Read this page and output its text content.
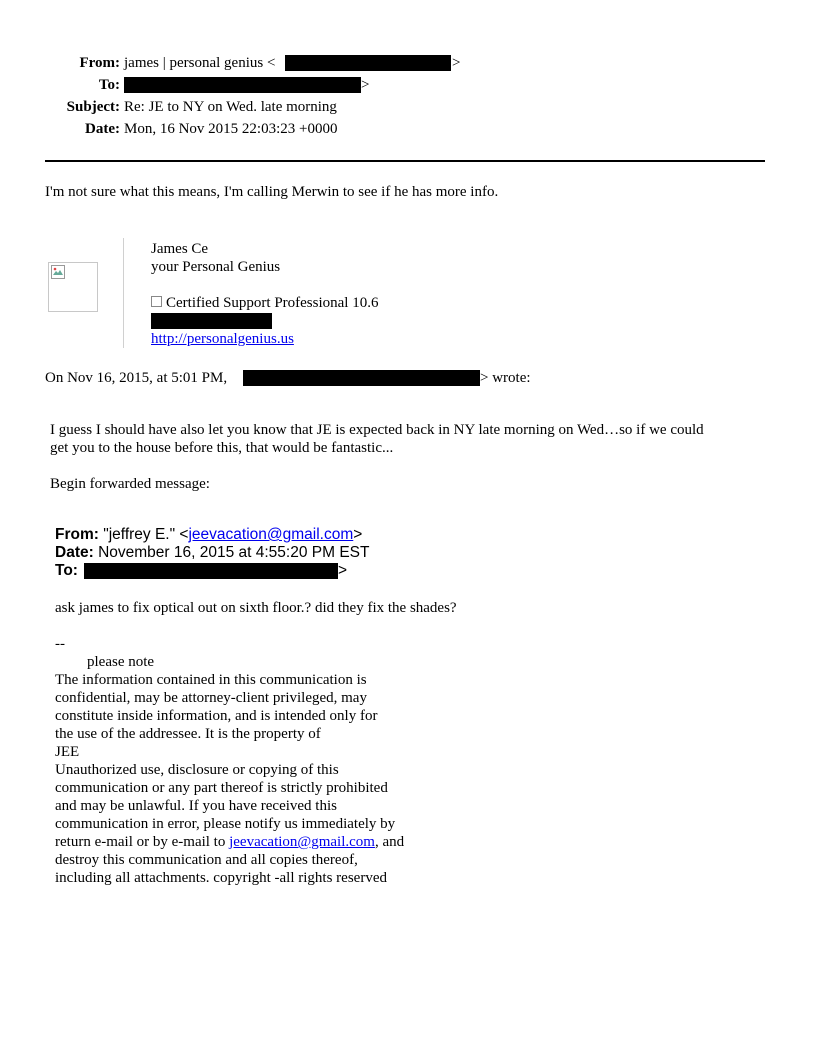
From: james | personal genius <	>
To:	>
Subject: Re: JE to NY on Wed. late morning
Date: Mon, 16 Nov 2015 22:03:23 +0000
I'm not sure what this means, I'm calling Merwin to see if he has more info.
James Ce
your Personal Genius
Certified Support Professional 10.6
http://personalgenius.us
On Nov 16, 2015, at 5:01 PM,	> wrote:
I guess I should have also let you know that JE is expected back in NY late morning on Wed…so if we could
get you to the house before this, that would be fantastic...
Begin forwarded message:
From: "jeffrey E." <jeevacation@gmail.com>
Date: November 16, 2015 at 4:55:20 PM EST
To:	>
ask james to fix optical out on sixth floor.? did they fix the shades?
--
please note
The information contained in this communication is
confidential, may be attorney-client privileged, may
constitute inside information, and is intended only for
the use of the addressee. It is the property of
JEE
Unauthorized use, disclosure or copying of this
communication or any part thereof is strictly prohibited
and may be unlawful. If you have received this
communication in error, please notify us immediately by
return e-mail or by e-mail to jeevacation@gmail.com, and
destroy this communication and all copies thereof,
including all attachments. copyright -all rights reserved
